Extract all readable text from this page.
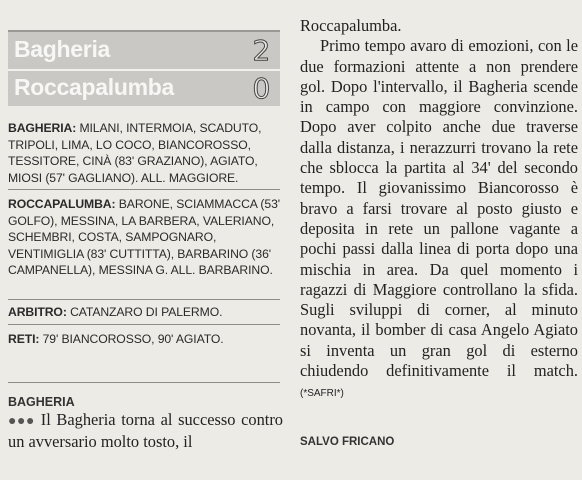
Bagheria	2
Roccapalumba	0
BAGHERIA: MILANI, INTERMOIA, SCADUTO, TRIPOLI, LIMA, LO COCO, BIANCOROSSO, TESSITORE, CINÀ (83' GRAZIANO), AGIATO, MIOSI (57' GAGLIANO). ALL. MAGGIORE.
ROCCAPALUMBA: BARONE, SCIAMMACCA (53' GOLFO), MESSINA, LA BARBERA, VALERIANO, SCHEMBRI, COSTA, SAMPOGNARO, VENTIMIGLIA (83' CUTTITTA), BARBARINO (36' CAMPANELLA), MESSINA G. ALL. BARBARINO.
ARBITRO: CATANZARO DI PALERMO.
RETI: 79' BIANCOROSSO, 90' AGIATO.
BAGHERIA
●●● Il Bagheria torna al successo contro un avversario molto tosto, il

Roccapalumba.

Primo tempo avaro di emozioni, con le due formazioni attente a non prendere gol. Dopo l'intervallo, il Bagheria scende in campo con maggiore convinzione. Dopo aver colpito anche due traverse dalla distanza, i nerazzurri trovano la rete che sblocca la partita al 34' del secondo tempo. Il giovanissimo Biancorosso è bravo a farsi trovare al posto giusto e deposita in rete un pallone vagante a pochi passi dalla linea di porta dopo una mischia in area. Da quel momento i ragazzi di Maggiore controllano la sfida. Sugli sviluppi di corner, al minuto novanta, il bomber di casa Angelo Agiato si inventa un gran gol di esterno chiudendo definitivamente il match. (*SAFRI*)

SALVO FRICANO
